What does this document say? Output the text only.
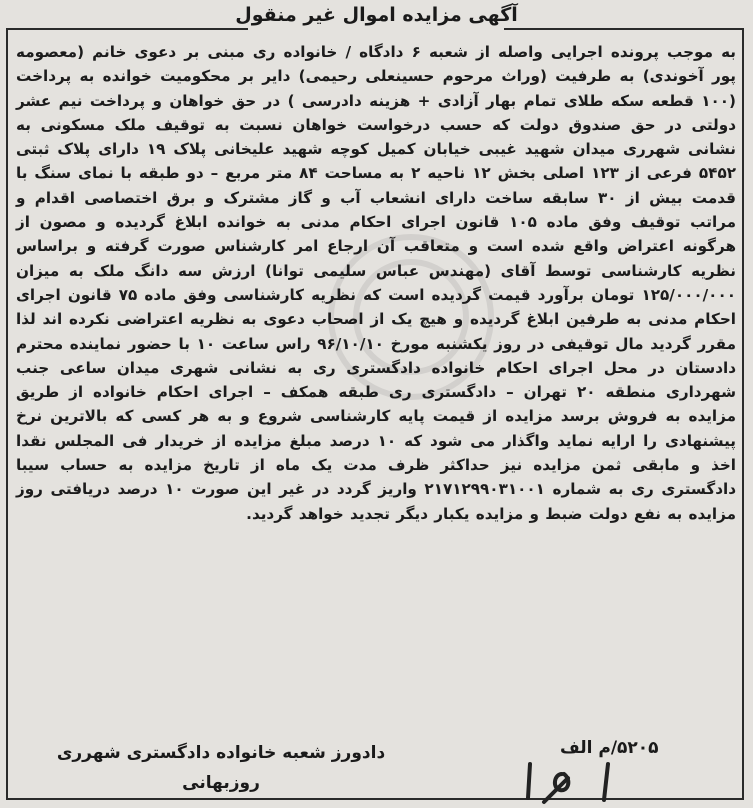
آگهی مزایده اموال غیر منقول
به موجب پرونده اجرایی واصله از شعبه ۶ دادگاه / خانواده ری مبنی بر دعوی خانم (معصومه پور آخوندی) به طرفیت (وراث مرحوم حسینعلی رحیمی) دایر بر محکومیت خوانده به پرداخت (۱۰۰ قطعه سکه طلای تمام بهار آزادی + هزینه دادرسی ) در حق خواهان و پرداخت نیم عشر دولتی در حق صندوق دولت که حسب درخواست خواهان نسبت به توقیف ملک مسکونی به نشانی شهرری میدان شهید غیبی خیابان کمیل کوچه شهید علیخانی پلاک ۱۹ دارای پلاک ثبتی ۵۴۵۲ فرعی از ۱۲۳ اصلی بخش ۱۲ ناحیه ۲ به مساحت ۸۴ متر مربع – دو طبقه با نمای سنگ با قدمت بیش از ۳۰ سابقه ساخت دارای انشعاب آب و گاز مشترک و برق اختصاصی اقدام و مراتب توقیف وفق ماده ۱۰۵ قانون اجرای احکام مدنی به خوانده ابلاغ گردیده و مصون از هرگونه اعتراض واقع شده است و متعاقب آن ارجاع امر کارشناس صورت گرفته و براساس نظریه کارشناسی توسط آقای (مهندس عباس سلیمی توانا) ارزش سه دانگ ملک به میزان ۱۲۵/۰۰۰/۰۰۰ تومان برآورد قیمت گردیده است که نظریه کارشناسی وفق ماده ۷۵ قانون اجرای احکام مدنی به طرفین ابلاغ گردیده و هیچ یک از اصحاب دعوی به نظریه اعتراضی نکرده اند لذا مقرر گردید مال توقیفی در روز یکشنبه مورخ ۹۶/۱۰/۱۰ راس ساعت ۱۰ با حضور نماینده محترم دادستان در محل اجرای احکام خانواده دادگستری ری به نشانی شهری میدان ساعی جنب شهرداری منطقه ۲۰ تهران – دادگستری ری طبقه همکف – اجرای احکام خانواده از طریق مزایده به فروش برسد مزایده از قیمت پایه کارشناسی شروع و به هر کسی که بالاترین نرخ پیشنهادی را ارایه نماید واگذار می شود که ۱۰ درصد مبلغ مزایده از خریدار فی المجلس نقدا اخذ و مابقی ثمن مزایده نیز حداکثر ظرف مدت یک ماه از تاریخ مزایده به حساب سیبا دادگستری ری به شماره ۲۱۷۱۲۹۹۰۳۱۰۰۱ واریز گردد در غیر این صورت ۱۰ درصد دریافتی روز مزایده به نفع دولت ضبط و مزایده یکبار دیگر تجدید خواهد گردید.
۵۲۰۵/م الف
دادورز شعبه خانواده دادگستری شهرری روزبهانی
